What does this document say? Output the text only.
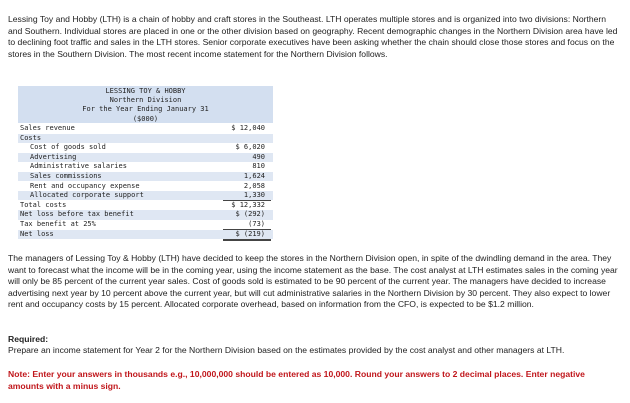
Lessing Toy and Hobby (LTH) is a chain of hobby and craft stores in the Southeast. LTH operates multiple stores and is organized into two divisions: Northern and Southern. Individual stores are placed in one or the other division based on geography. Recent demographic changes in the Northern Division area have led to declining foot traffic and sales in the LTH stores. Senior corporate executives have been asking whether the chain should close those stores and focus on the stores in the Southern Division. The most recent income statement for the Northern Division follows.

LESSING TOY & HOBBY
Northern Division
For the Year Ending January 31
($000)
Sales revenue	$ 12,040
Costs
Cost of goods sold	$ 6,020
Advertising	490
Administrative salaries	810
Sales commissions	1,624
Rent and occupancy expense	2,058
Allocated corporate support	1,330
Total costs	$ 12,332
Net loss before tax benefit	$ (292)
Tax benefit at 25%	(73)
Net loss	$ (219)

The managers of Lessing Toy & Hobby (LTH) have decided to keep the stores in the Northern Division open, in spite of the dwindling demand in the area. They want to forecast what the income will be in the coming year, using the income statement as the base. The cost analyst at LTH estimates sales in the coming year will only be 85 percent of the current year sales. Cost of goods sold is estimated to be 90 percent of the current year. The managers have decided to increase advertising next year by 10 percent above the current year, but will cut administrative salaries in the Northern Division by 30 percent. They also expect to lower rent and occupancy costs by 15 percent. Allocated corporate overhead, based on information from the CFO, is expected to be $1.2 million.

Required:

Prepare an income statement for Year 2 for the Northern Division based on the estimates provided by the cost analyst and other managers at LTH.

Note: Enter your answers in thousands e.g., 10,000,000 should be entered as 10,000. Round your answers to 2 decimal places. Enter negative amounts with a minus sign.
